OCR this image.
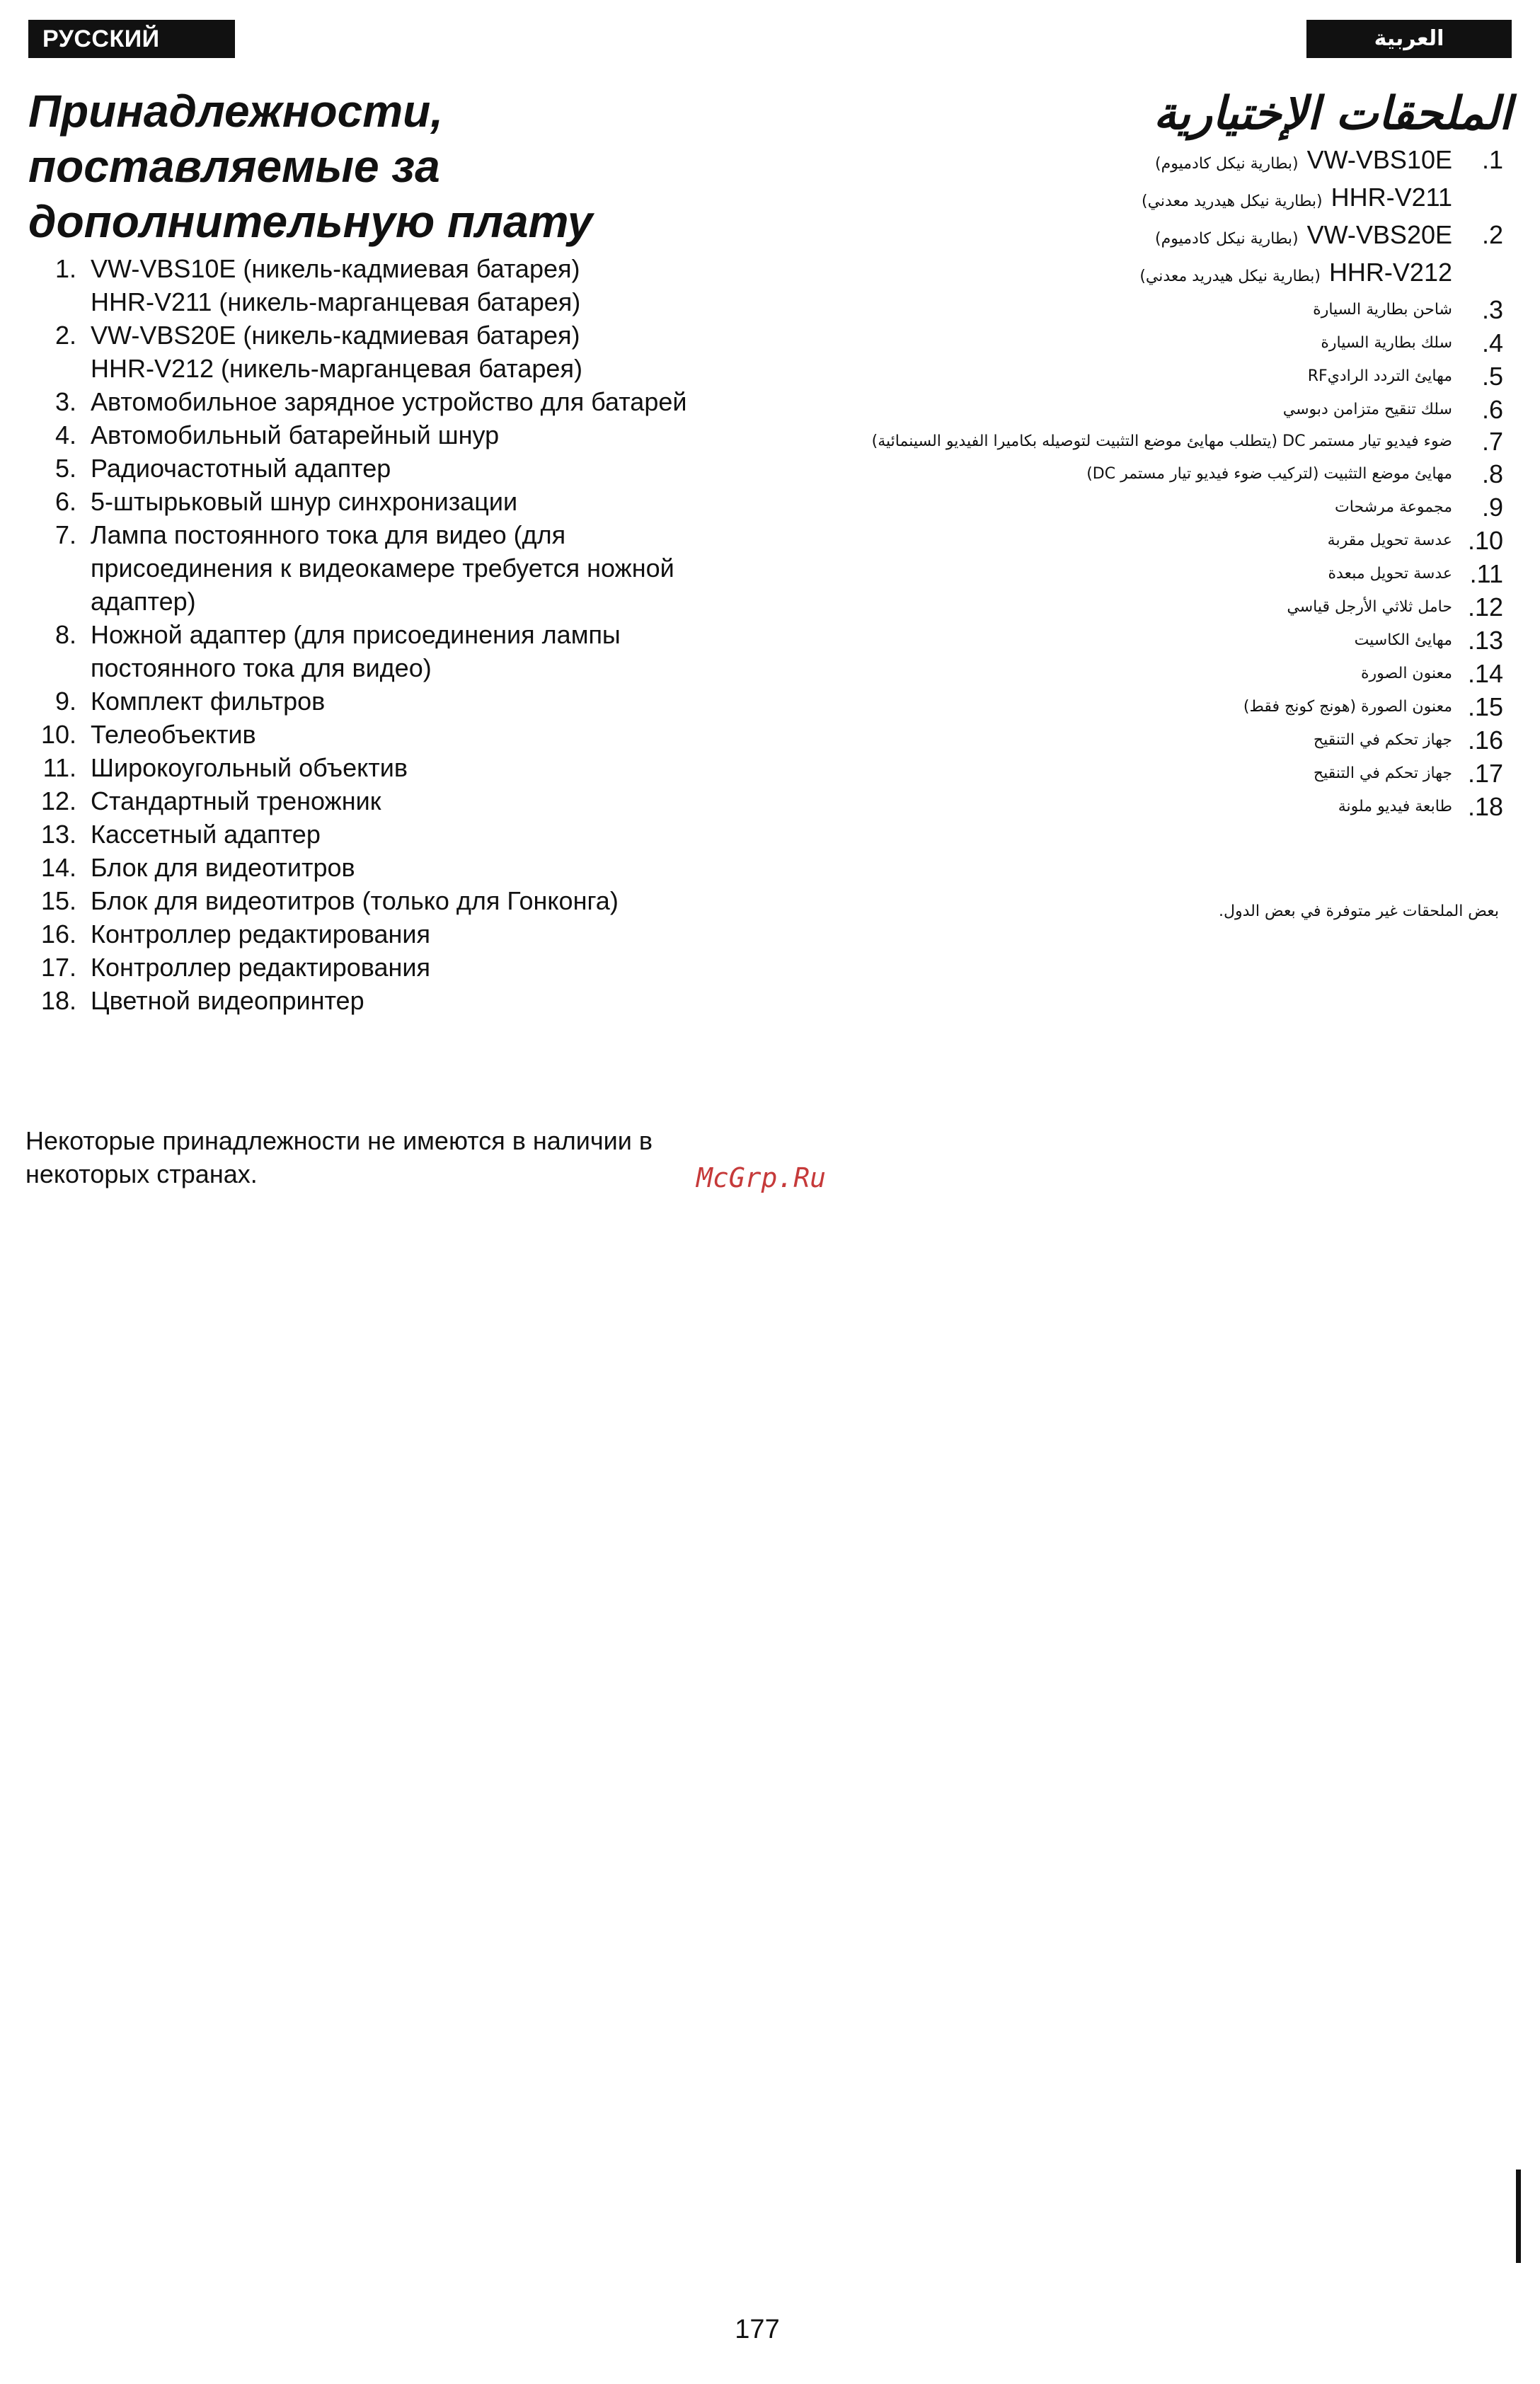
РУССКИЙ ЯЗЫК
العربية
Принадлежности, поставляемые за дополнительную плату
1. VW-VBS10E (никель-кадмиевая батарея)
HHR-V211 (никель-марганцевая батарея)
2. VW-VBS20E (никель-кадмиевая батарея)
HHR-V212 (никель-марганцевая батарея)
3. Автомобильное зарядное устройство для батарей
4. Автомобильный батарейный шнур
5. Радиочастотный адаптер
6. 5-штырьковый шнур синхронизации
7. Лампа постоянного тока для видео (для присоединения к видеокамере требуется ножной адаптер)
8. Ножной адаптер (для присоединения лампы постоянного тока для видео)
9. Комплект фильтров
10. Телеобъектив
11. Широкоугольный объектив
12. Стандартный треножник
13. Кассетный адаптер
14. Блок для видеотитров
15. Блок для видеотитров (только для Гонконга)
16. Контроллер редактирования
17. Контроллер редактирования
18. Цветной видеопринтер
Некоторые принадлежности не имеются в наличии в некоторых странах.	McGrp.Ru
الملحقات الإختيارية
.1
VW-VBS10E(بطارية نيكل كادميوم)
HHR-V211(بطارية نيكل هيدريد معدني)
.2
VW-VBS20E(بطارية نيكل كادميوم)
HHR-V212(بطارية نيكل هيدريد معدني)
.3
شاحن بطارية السيارة
.4
سلك بطارية السيارة
.5
مهايئ التردد الراديRF
.6
سلك تنقيح متزامن دبوسي
.7
ضوء فيديو تيار مستمر DC (يتطلب مهايئ موضع التثبيت لتوصيله بكاميرا الفيديو السينمائية)
.8
مهايئ موضع التثبيت (لتركيب ضوء فيديو تيار مستمر DC)
.9
مجموعة مرشحات
.10
عدسة تحويل مقربة
.11
عدسة تحويل مبعدة
.12
حامل ثلاثي الأرجل قياسي
.13
مهايئ الكاسيت
.14
معنون الصورة
.15
معنون الصورة (هونج كونج فقط)
.16
جهاز تحكم في التنقيح
.17
جهاز تحكم في التنقيح
.18
طابعة فيديو ملونة
بعض الملحقات غير متوفرة في بعض الدول.
177
